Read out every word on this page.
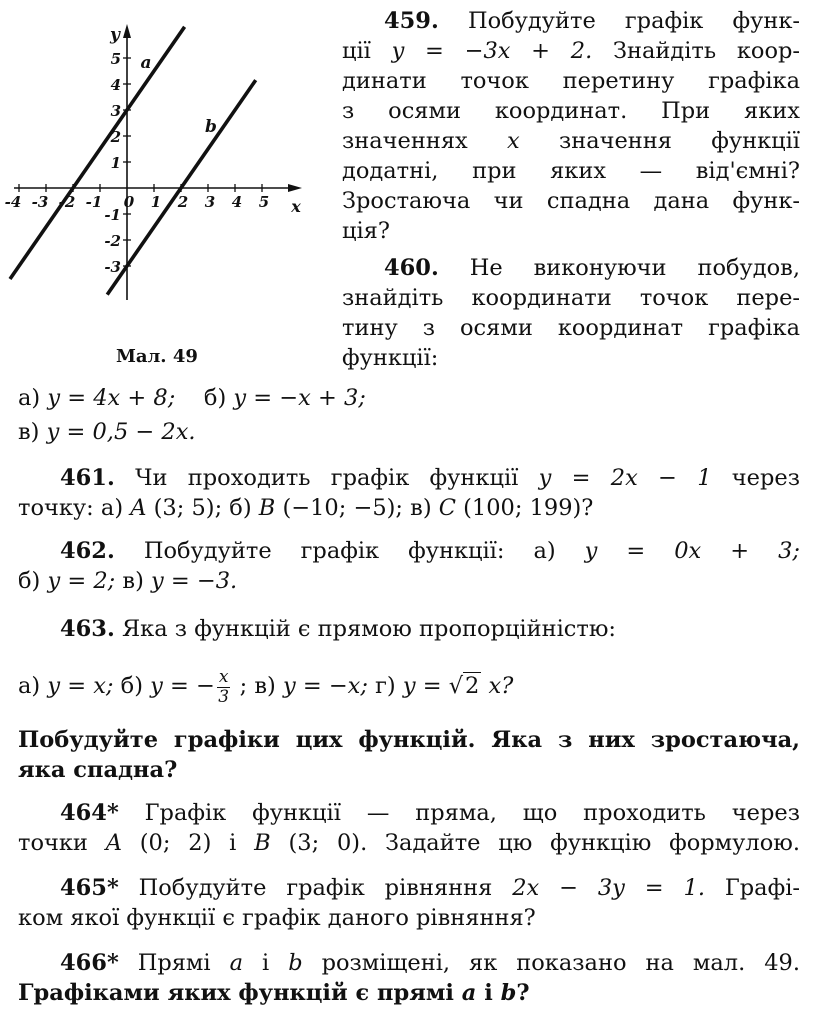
-4 -3 -2 -1 0 1 2 3 4 5
1
2
3
4
5
-1
-2
-3
y
x
a
b
Мал. 49
459. Побудуйте графік функ-
ції y = −3x + 2. Знайдіть коор-
динати точок перетину графіка
з осями координат. При яких
значеннях x значення функції
додатні, при яких — від'ємні?
Зростаюча чи спадна дана функ-
ція?
460. Не виконуючи побудов,
знайдіть координати точок пере-
тину з осями координат графіка
функції:
а) y = 4x + 8; б) y = −x + 3;
в) y = 0,5 − 2x.
461. Чи проходить графік функції y = 2x − 1 через
точку: а) A (3; 5); б) B (−10; −5); в) C (100; 199)?
462. Побудуйте графік функції: а) y = 0x + 3;
б) y = 2; в) y = −3.
463. Яка з функцій є прямою пропорційністю:
а) y = x; б) y = − $\frac{x}{3}$ ; в) y = −x; г) y = √2 x?
Побудуйте графіки цих функцій. Яка з них зростаюча,
яка спадна?
464* Графік функції — пряма, що проходить через
точки A (0; 2) і B (3; 0). Задайте цю функцію формулою.
465* Побудуйте графік рівняння 2x − 3y = 1. Графі-
ком якої функції є графік даного рівняння?
466* Прямі a і b розміщені, як показано на мал. 49.
Графіками яких функцій є прямі a і b?
